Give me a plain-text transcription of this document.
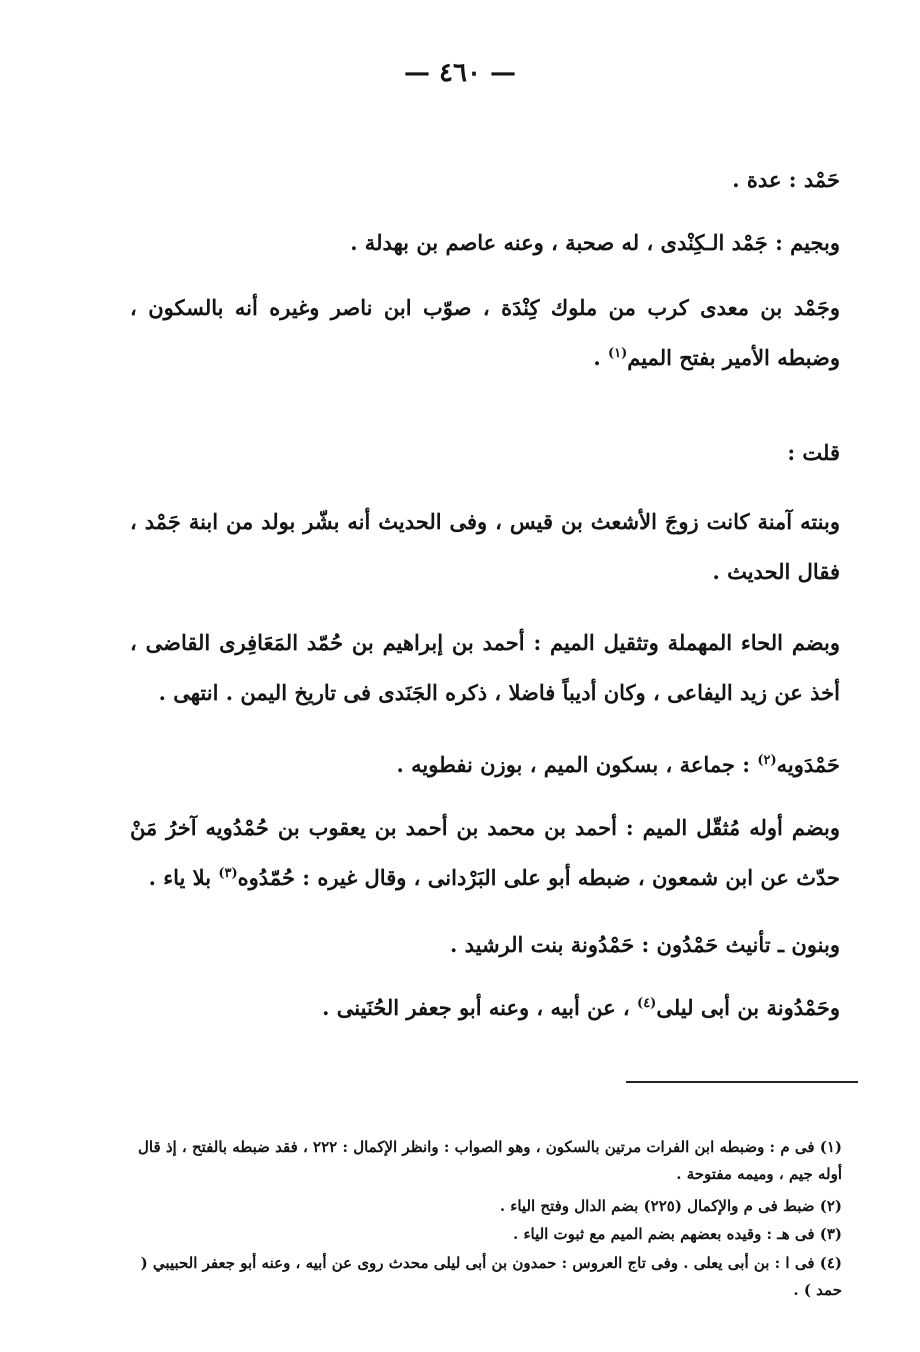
— ٤٦٠ —

حَمْد : عدة .

وبجيم : جَمْد الـكِنْدى ، له صحبة ، وعنه عاصم بن بهدلة .

وجَمْد بن معدى كرب من ملوك كِنْدَة ، صوّب ابن ناصر وغيره أنه بالسكون ، وضبطه الأمير بفتح الميم$^{(١)}$ .

قلت :

وبنته آمنة كانت زوجَ الأشعث بن قيس ، وفى الحديث أنه بشّر بولد من ابنة جَمْد ، فقال الحديث .

وبضم الحاء المهملة وتثقيل الميم : أحمد بن إبراهيم بن حُمّد المَعَافِرى القاضى ، أخذ عن زيد اليفاعى ، وكان أديباً فاضلا ، ذكره الجَنَدى فى تاريخ اليمن . انتهى .

حَمْدَويه$^{(٢)}$ : جماعة ، بسكون الميم ، بوزن نفطويه .

وبضم أوله مُثقّل الميم : أحمد بن محمد بن أحمد بن يعقوب بن حُمْدُويه آخرُ مَنْ حدّث عن ابن شمعون ، ضبطه أبو على البَرْدانى ، وقال غيره : حُمّدُوه$^{(٣)}$ بلا ياء .

وبنون ـ تأنيث حَمْدُون : حَمْدُونة بنت الرشيد .

وحَمْدُونة بن أبى ليلى$^{(٤)}$ ، عن أبيه ، وعنه أبو جعفر الحُنَينى .

(١) فى م : وضبطه ابن الفرات مرتين بالسكون ، وهو الصواب : وانظر الإكمال : ٢٢٢ ، فقد ضبطه بالفتح ، إذ قال أوله جيم ، وميمه مفتوحة .

(٢) ضبط فى م والإكمال (٢٢٥) بضم الدال وفتح الياء .

(٣) فى هـ : وقيده بعضهم بضم الميم مع ثبوت الياء .

(٤) فى ا : بن أبى يعلى . وفى تاج العروس : حمدون بن أبى ليلى محدث روى عن أبيه ، وعنه أبو جعفر الحبيبي ( حمد ) .
